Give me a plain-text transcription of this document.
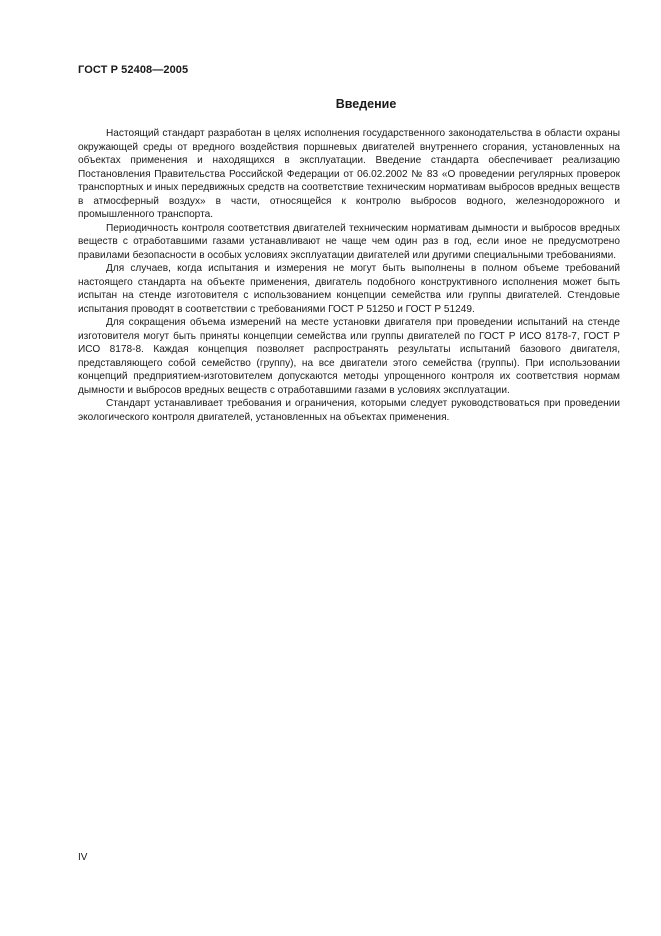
ГОСТ Р 52408—2005
Введение

Настоящий стандарт разработан в целях исполнения государственного законодательства в области охраны окружающей среды от вредного воздействия поршневых двигателей внутреннего сгорания, установленных на объектах применения и находящихся в эксплуатации. Введение стандарта обеспечивает реализацию Постановления Правительства Российской Федерации от 06.02.2002 № 83 «О проведении регулярных проверок транспортных и иных передвижных средств на соответствие техническим нормативам выбросов вредных веществ в атмосферный воздух» в части, относящейся к контролю выбросов водного, железнодорожного и промышленного транспорта.

Периодичность контроля соответствия двигателей техническим нормативам дымности и выбросов вредных веществ с отработавшими газами устанавливают не чаще чем один раз в год, если иное не предусмотрено правилами безопасности в особых условиях эксплуатации двигателей или другими специальными требованиями.

Для случаев, когда испытания и измерения не могут быть выполнены в полном объеме требований настоящего стандарта на объекте применения, двигатель подобного конструктивного исполнения может быть испытан на стенде изготовителя с использованием концепции семейства или группы двигателей. Стендовые испытания проводят в соответствии с требованиями ГОСТ Р 51250 и ГОСТ Р 51249.

Для сокращения объема измерений на месте установки двигателя при проведении испытаний на стенде изготовителя могут быть приняты концепции семейства или группы двигателей по ГОСТ Р ИСО 8178-7, ГОСТ Р ИСО 8178-8. Каждая концепция позволяет распространять результаты испытаний базового двигателя, представляющего собой семейство (группу), на все двигатели этого семейства (группы). При использовании концепций предприятием-изготовителем допускаются методы упрощенного контроля их соответствия нормам дымности и выбросов вредных веществ с отработавшими газами в условиях эксплуатации.

Стандарт устанавливает требования и ограничения, которыми следует руководствоваться при проведении экологического контроля двигателей, установленных на объектах применения.

IV
